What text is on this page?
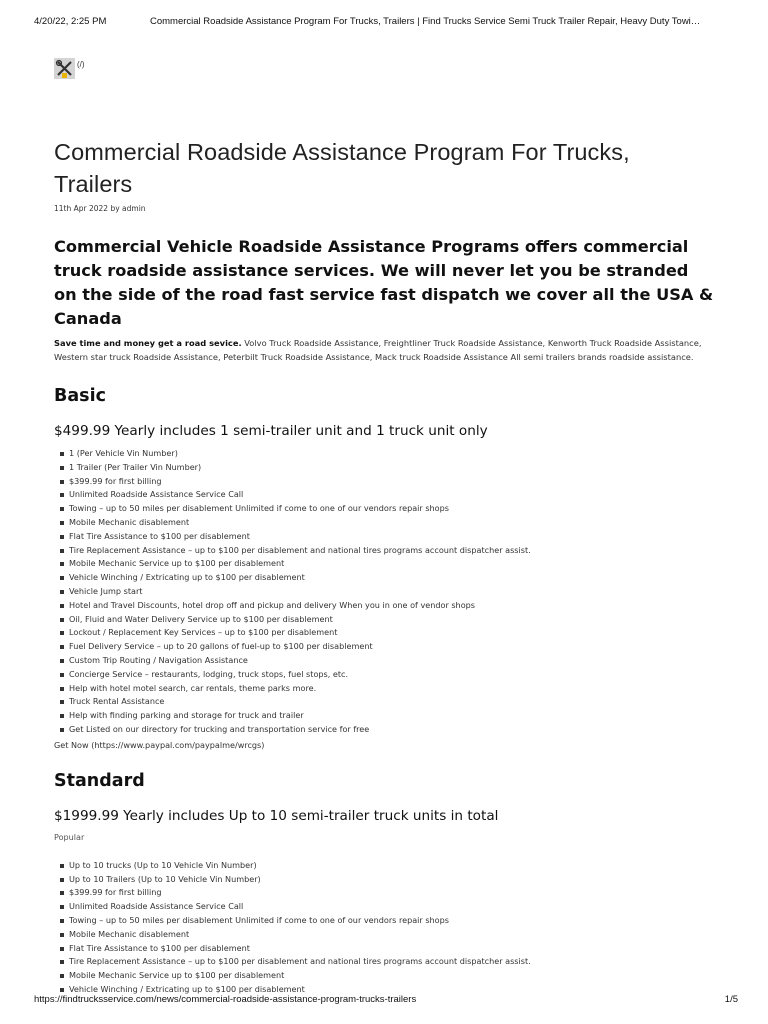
4/20/22, 2:25 PM	Commercial Roadside Assistance Program For Trucks, Trailers | Find Trucks Service Semi Truck Trailer Repair, Heavy Duty Towi…
(/)
Commercial Roadside Assistance Program For Trucks, Trailers
11th Apr 2022 by admin
Commercial Vehicle Roadside Assistance Programs offers commercial truck roadside assistance services. We will never let you be stranded on the side of the road fast service fast dispatch we cover all the USA & Canada

Save time and money get a road sevice. Volvo Truck Roadside Assistance, Freightliner Truck Roadside Assistance, Kenworth Truck Roadside Assistance, Western star truck Roadside Assistance, Peterbilt Truck Roadside Assistance, Mack truck Roadside Assistance All semi trailers brands roadside assistance.

Basic
$499.99 Yearly includes 1 semi-trailer unit and 1 truck unit only
1 (Per Vehicle Vin Number)
1 Trailer (Per Trailer Vin Number)
$399.99 for first billing
Unlimited Roadside Assistance Service Call
Towing – up to 50 miles per disablement Unlimited if come to one of our vendors repair shops
Mobile Mechanic disablement
Flat Tire Assistance to $100 per disablement
Tire Replacement Assistance – up to $100 per disablement and national tires programs account dispatcher assist.
Mobile Mechanic Service up to $100 per disablement
Vehicle Winching / Extricating up to $100 per disablement
Vehicle Jump start
Hotel and Travel Discounts, hotel drop off and pickup and delivery When you in one of vendor shops
Oil, Fluid and Water Delivery Service up to $100 per disablement
Lockout / Replacement Key Services – up to $100 per disablement
Fuel Delivery Service – up to 20 gallons of fuel-up to $100 per disablement
Custom Trip Routing / Navigation Assistance
Concierge Service – restaurants, lodging, truck stops, fuel stops, etc.
Help with hotel motel search, car rentals, theme parks more.
Truck Rental Assistance
Help with finding parking and storage for truck and trailer
Get Listed on our directory for trucking and transportation service for free

Get Now (https://www.paypal.com/paypalme/wrcgs)

Standard
$1999.99 Yearly includes Up to 10 semi-trailer truck units in total

Popular

Up to 10 trucks (Up to 10 Vehicle Vin Number)
Up to 10 Trailers (Up to 10 Vehicle Vin Number)
$399.99 for first billing
Unlimited Roadside Assistance Service Call
Towing – up to 50 miles per disablement Unlimited if come to one of our vendors repair shops
Mobile Mechanic disablement
Flat Tire Assistance to $100 per disablement
Tire Replacement Assistance – up to $100 per disablement and national tires programs account dispatcher assist.
Mobile Mechanic Service up to $100 per disablement
Vehicle Winching / Extricating up to $100 per disablement
https://findtrucksservice.com/news/commercial-roadside-assistance-program-trucks-trailers	1/5
